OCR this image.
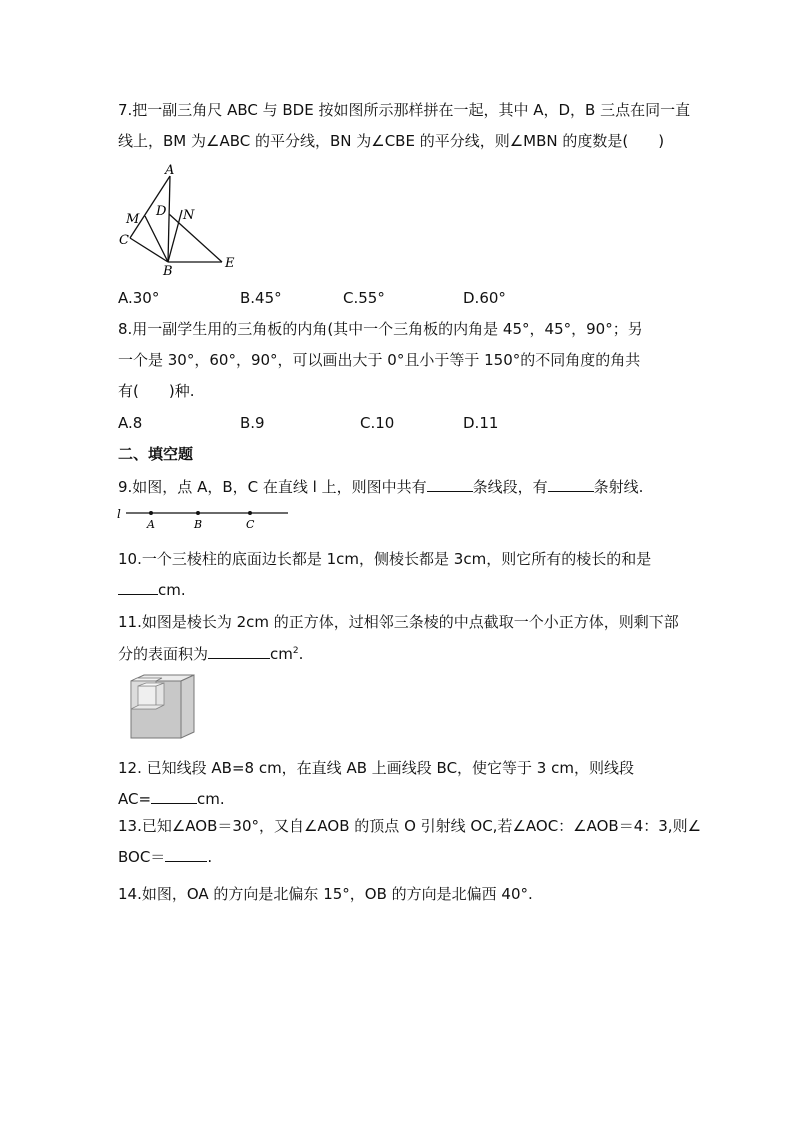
7.把一副三角尺 ABC 与 BDE 按如图所示那样拼在一起，其中 A，D，B 三点在同一直
线上，BM 为∠ABC 的平分线，BN 为∠CBE 的平分线，则∠MBN 的度数是(　　)
A
M
D N
C
B
E
A.30°	B.45°	C.55°	D.60°
8.用一副学生用的三角板的内角(其中一个三角板的内角是 45°，45°，90°；另
一个是 30°，60°，90°，可以画出大于 0°且小于等于 150°的不同角度的角共
有(　　)种.
A.8	B.9	C.10	D.11
二、填空题
9.如图，点 A，B，C 在直线 l 上，则图中共有	条线段，有	条射线.
l
A	B	C
10.一个三棱柱的底面边长都是 1cm，侧棱长都是 3cm，则它所有的棱长的和是
cm.
11.如图是棱长为 2cm 的正方体，过相邻三条棱的中点截取一个小正方体，则剩下部
分的表面积为	$cm^2$.
12. 已知线段 AB=8 cm，在直线 AB 上画线段 BC，使它等于 3 cm，则线段
AC=	cm.
13.已知∠AOB＝30°，又自∠AOB 的顶点 O 引射线 OC,若∠AOC：∠AOB＝4：3,则∠
BOC＝	.
14.如图，OA 的方向是北偏东 15°，OB 的方向是北偏西 40°.
